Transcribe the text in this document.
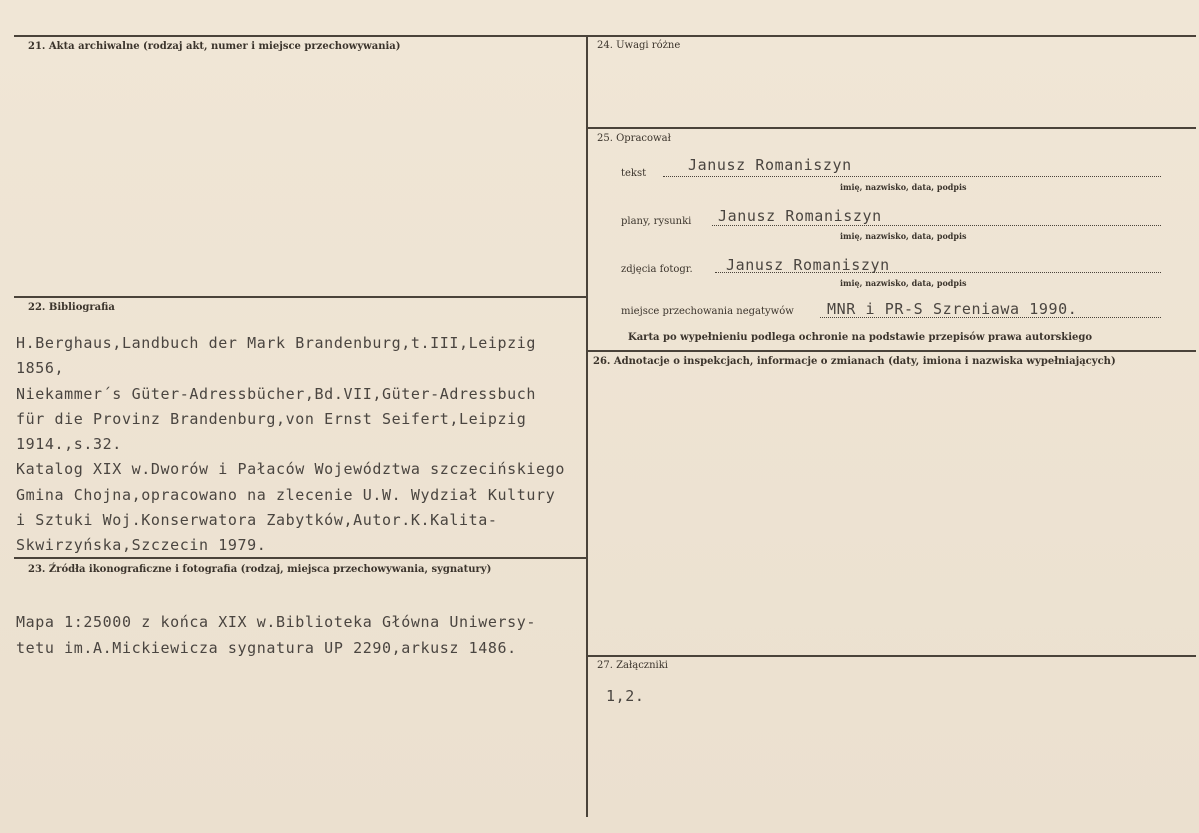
21. Akta archiwalne (rodzaj akt, numer i miejsce przechowywania)
22. Bibliografia
H.Berghaus,Landbuch der Mark Brandenburg,t.III,Leipzig
1856,
Niekammer´s Güter-Adressbücher,Bd.VII,Güter-Adressbuch
für die Provinz Brandenburg,von Ernst Seifert,Leipzig
1914.,s.32.
Katalog XIX w.Dworów i Pałaców Województwa szczecińskiego
Gmina Chojna,opracowano na zlecenie U.W. Wydział Kultury
i Sztuki Woj.Konserwatora Zabytków,Autor.K.Kalita-
Skwirzyńska,Szczecin 1979.
23. Źródła ikonograficzne i fotografia (rodzaj, miejsca przechowywania, sygnatury)
Mapa 1:25000 z końca XIX w.Biblioteka Główna Uniwersy-
tetu im.A.Mickiewicza sygnatura UP 2290,arkusz 1486.
24. Uwagi różne
25. Opracował
tekst	Janusz Romaniszyn
imię, nazwisko, data, podpis
plany, rysunki Janusz Romaniszyn
imię, nazwisko, data, podpis
zdjęcia fotogr. Janusz Romaniszyn
imię, nazwisko, data, podpis
miejsce przechowania negatywów MNR i PR-S Szreniawa 1990.
Karta po wypełnieniu podlega ochronie na podstawie przepisów prawa autorskiego
26. Adnotacje o inspekcjach, informacje o zmianach (daty, imiona i nazwiska wypełniających)
27. Załączniki
1,2.
